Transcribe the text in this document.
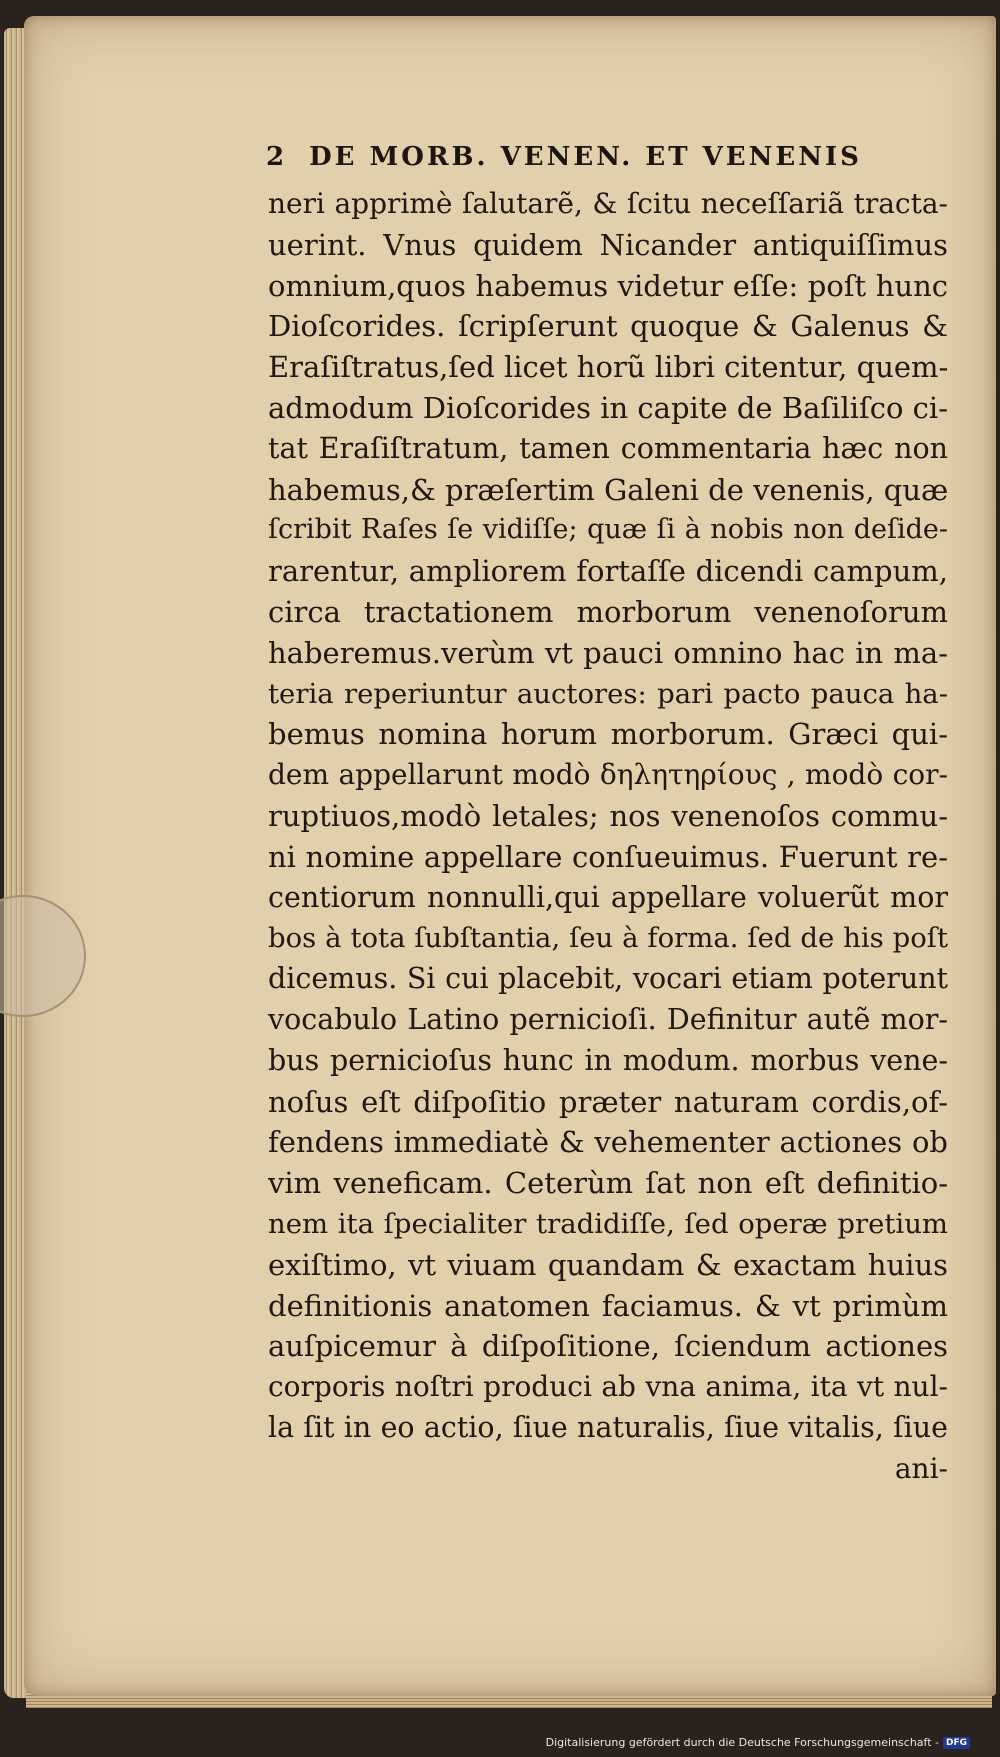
2 DE MORB. VENEN. ET VENENIS
neri apprimè ſalutarẽ, & ſcitu neceſſariã tracta-
uerint. Vnus quidem Nicander antiquiſſimus
omnium,quos habemus videtur eſſe: poſt hunc
Dioſcorides. ſcripſerunt quoque & Galenus &
Eraſiſtratus,ſed licet horũ libri citentur, quem-
admodum Dioſcorides in capite de Baſiliſco ci-
tat Eraſiſtratum, tamen commentaria hæc non
habemus,& præſertim Galeni de venenis, quæ
ſcribit Raſes ſe vidiſſe; quæ ſi à nobis non deſide-
rarentur, ampliorem fortaſſe dicendi campum,
circa tractationem morborum venenoſorum
haberemus.verùm vt pauci omnino hac in ma-
teria reperiuntur auctores: pari pacto pauca ha-
bemus nomina horum morborum. Græci qui-
dem appellarunt modò δηλητηρίους , modò cor-
ruptiuos,modò letales; nos venenoſos commu-
ni nomine appellare conſueuimus. Fuerunt re-
centiorum nonnulli,qui appellare voluerũt mor
bos à tota ſubſtantia, ſeu à forma. ſed de his poſt
dicemus. Si cui placebit, vocari etiam poterunt
vocabulo Latino pernicioſi. Definitur autẽ mor-
bus pernicioſus hunc in modum. morbus vene-
noſus eſt diſpoſitio præter naturam cordis,of-
fendens immediatè & vehementer actiones ob
vim veneficam. Ceterùm ſat non eſt definitio-
nem ita ſpecialiter tradidiſſe, ſed operæ pretium
exiſtimo, vt viuam quandam & exactam huius
definitionis anatomen faciamus. & vt primùm
auſpicemur à diſpoſitione, ſciendum actiones
corporis noſtri produci ab vna anima, ita vt nul-
la ſit in eo actio, ſiue naturalis, ſiue vitalis, ſiue
ani-
Digitalisierung gefördert durch die Deutsche Forschungsgemeinschaft - DFG
